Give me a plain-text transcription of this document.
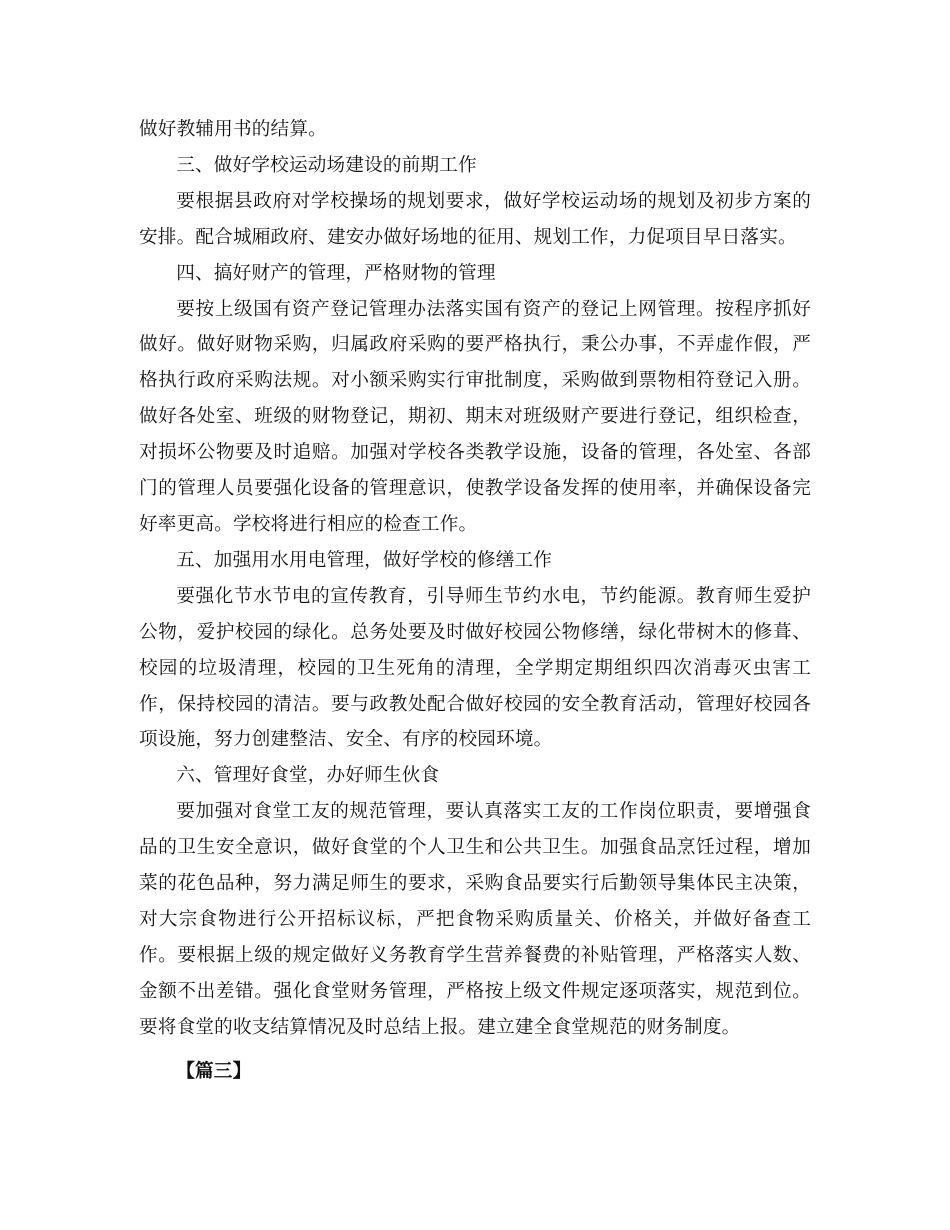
做好教辅用书的结算。

三、做好学校运动场建设的前期工作

要根据县政府对学校操场的规划要求，做好学校运动场的规划及初步方案的安排。配合城厢政府、建安办做好场地的征用、规划工作，力促项目早日落实。

四、搞好财产的管理，严格财物的管理

要按上级国有资产登记管理办法落实国有资产的登记上网管理。按程序抓好做好。做好财物采购，归属政府采购的要严格执行，秉公办事，不弄虚作假，严格执行政府采购法规。对小额采购实行审批制度，采购做到票物相符登记入册。做好各处室、班级的财物登记，期初、期末对班级财产要进行登记，组织检查，对损坏公物要及时追赔。加强对学校各类教学设施，设备的管理，各处室、各部门的管理人员要强化设备的管理意识，使教学设备发挥的使用率，并确保设备完好率更高。学校将进行相应的检查工作。

五、加强用水用电管理，做好学校的修缮工作

要强化节水节电的宣传教育，引导师生节约水电，节约能源。教育师生爱护公物，爱护校园的绿化。总务处要及时做好校园公物修缮，绿化带树木的修葺、校园的垃圾清理，校园的卫生死角的清理，全学期定期组织四次消毒灭虫害工作，保持校园的清洁。要与政教处配合做好校园的安全教育活动，管理好校园各项设施，努力创建整洁、安全、有序的校园环境。

六、管理好食堂，办好师生伙食

要加强对食堂工友的规范管理，要认真落实工友的工作岗位职责，要增强食品的卫生安全意识，做好食堂的个人卫生和公共卫生。加强食品烹饪过程，增加菜的花色品种，努力满足师生的要求，采购食品要实行后勤领导集体民主决策，对大宗食物进行公开招标议标，严把食物采购质量关、价格关，并做好备查工作。要根据上级的规定做好义务教育学生营养餐费的补贴管理，严格落实人数、金额不出差错。强化食堂财务管理，严格按上级文件规定逐项落实，规范到位。要将食堂的收支结算情况及时总结上报。建立建全食堂规范的财务制度。

【篇三】
